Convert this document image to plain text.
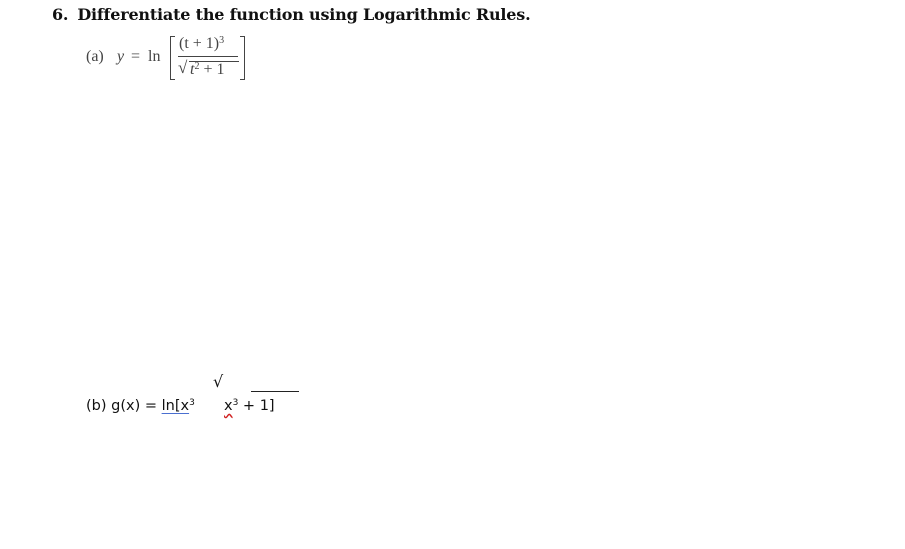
6. Differentiate the function using Logarithmic Rules.
(a) y = ln
$(t + 1)^3$
√ $t^2 + 1$
√
(b) $g(x) = \ln[x^3$ $x^3 + 1$]
